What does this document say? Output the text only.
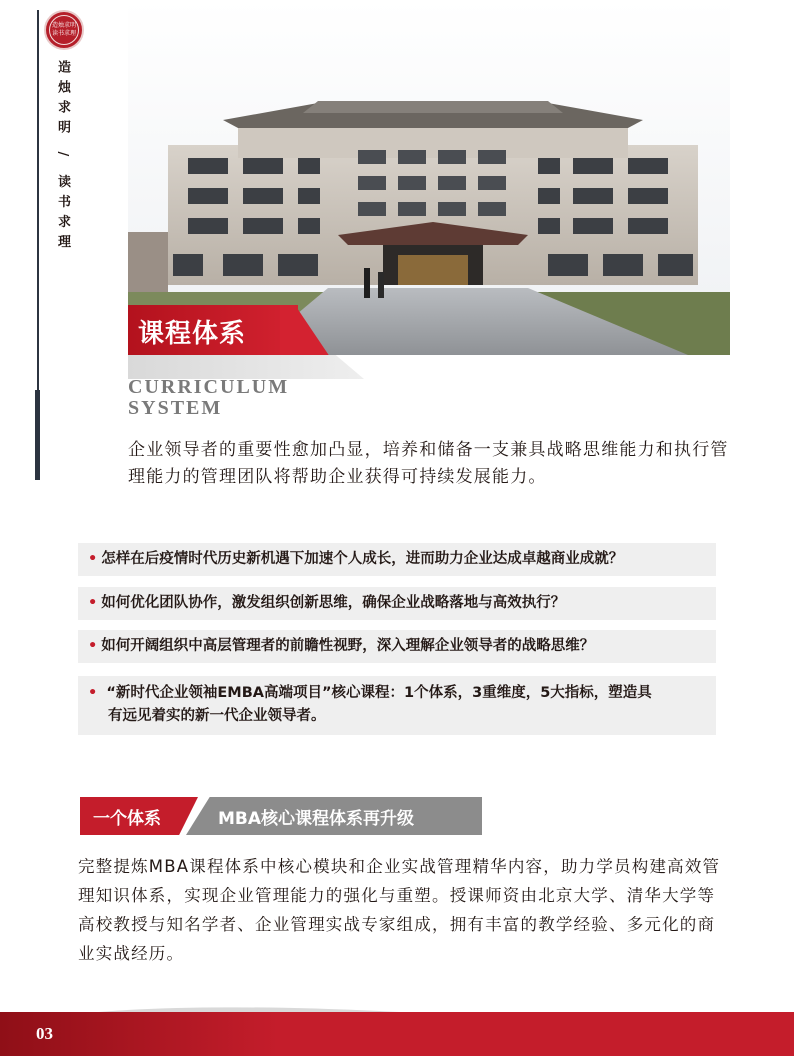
造烛求明
读书求理
造烛求明 / 读书求理
课程体系
CURRICULUM
SYSTEM

企业领导者的重要性愈加凸显，培养和储备一支兼具战略思维能力和执行管理能力的管理团队将帮助企业获得可持续发展能力。

• 怎样在后疫情时代历史新机遇下加速个人成长，进而助力企业达成卓越商业成就？
• 如何优化团队协作，激发组织创新思维，确保企业战略落地与高效执行？
• 如何开阔组织中高层管理者的前瞻性视野，深入理解企业领导者的战略思维？
• “新时代企业领袖EMBA高端项目”核心课程：1个体系，3重维度，5大指标，塑造具
有远见着实的新一代企业领导者。
一个体系	MBA核心课程体系再升级

完整提炼MBA课程体系中核心模块和企业实战管理精华内容，助力学员构建高效管理知识体系，实现企业管理能力的强化与重塑。授课师资由北京大学、清华大学等高校教授与知名学者、企业管理实战专家组成，拥有丰富的教学经验、多元化的商业实战经历。

03
